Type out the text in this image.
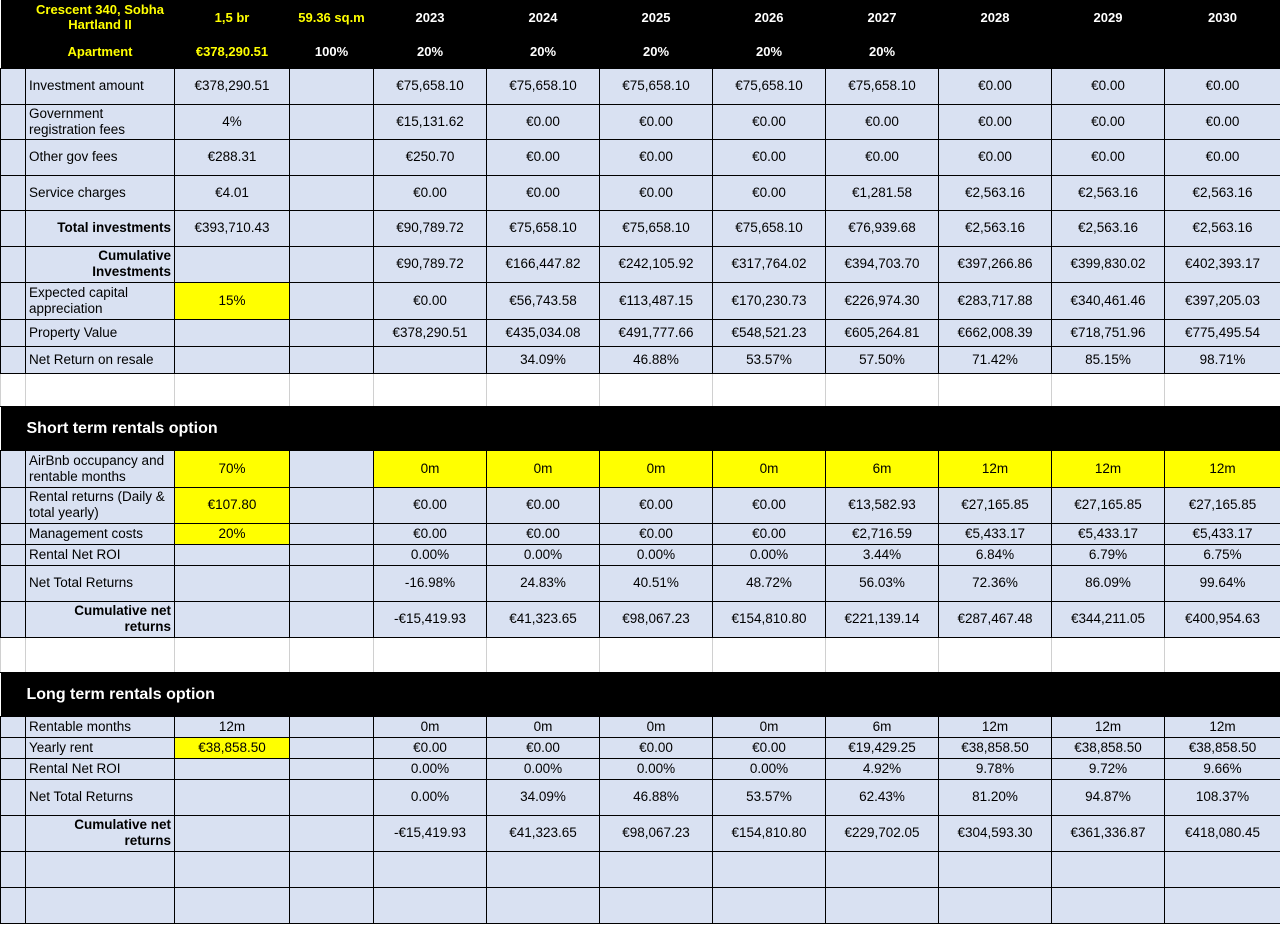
	Crescent 340, Sobha Hartland II	1,5 br	59.36 sq.m	2023	2024	2025	2026	2027	2028	2029	2030
	Apartment	€378,290.51	100%	20%	20%	20%	20%	20%			
	Investment amount	€378,290.51		€75,658.10	€75,658.10	€75,658.10	€75,658.10	€75,658.10	€0.00	€0.00	€0.00
	Government registration fees	4%		€15,131.62	€0.00	€0.00	€0.00	€0.00	€0.00	€0.00	€0.00
	Other gov fees	€288.31		€250.70	€0.00	€0.00	€0.00	€0.00	€0.00	€0.00	€0.00
	Service charges	€4.01		€0.00	€0.00	€0.00	€0.00	€1,281.58	€2,563.16	€2,563.16	€2,563.16
	Total investments	€393,710.43		€90,789.72	€75,658.10	€75,658.10	€75,658.10	€76,939.68	€2,563.16	€2,563.16	€2,563.16
	Cumulative Investments			€90,789.72	€166,447.82	€242,105.92	€317,764.02	€394,703.70	€397,266.86	€399,830.02	€402,393.17
	Expected capital appreciation	15%		€0.00	€56,743.58	€113,487.15	€170,230.73	€226,974.30	€283,717.88	€340,461.46	€397,205.03
	Property Value			€378,290.51	€435,034.08	€491,777.66	€548,521.23	€605,264.81	€662,008.39	€718,751.96	€775,495.54
	Net Return on resale				34.09%	46.88%	53.57%	57.50%	71.42%	85.15%	98.71%

Short term rentals option											
	AirBnb occupancy and rentable months	70%		0m	0m	0m	0m	6m	12m	12m	12m
	Rental returns (Daily & total yearly)	€107.80		€0.00	€0.00	€0.00	€0.00	€13,582.93	€27,165.85	€27,165.85	€27,165.85
	Management costs	20%		€0.00	€0.00	€0.00	€0.00	€2,716.59	€5,433.17	€5,433.17	€5,433.17
	Rental Net ROI			0.00%	0.00%	0.00%	0.00%	3.44%	6.84%	6.79%	6.75%
	Net Total Returns			-16.98%	24.83%	40.51%	48.72%	56.03%	72.36%	86.09%	99.64%
	Cumulative net returns			-€15,419.93	€41,323.65	€98,067.23	€154,810.80	€221,139.14	€287,467.48	€344,211.05	€400,954.63

Long term rentals option											
	Rentable months	12m		0m	0m	0m	0m	6m	12m	12m	12m
	Yearly rent	€38,858.50		€0.00	€0.00	€0.00	€0.00	€19,429.25	€38,858.50	€38,858.50	€38,858.50
	Rental Net ROI			0.00%	0.00%	0.00%	0.00%	4.92%	9.78%	9.72%	9.66%
	Net Total Returns			0.00%	34.09%	46.88%	53.57%	62.43%	81.20%	94.87%	108.37%
	Cumulative net returns			-€15,419.93	€41,323.65	€98,067.23	€154,810.80	€229,702.05	€304,593.30	€361,336.87	€418,080.45
